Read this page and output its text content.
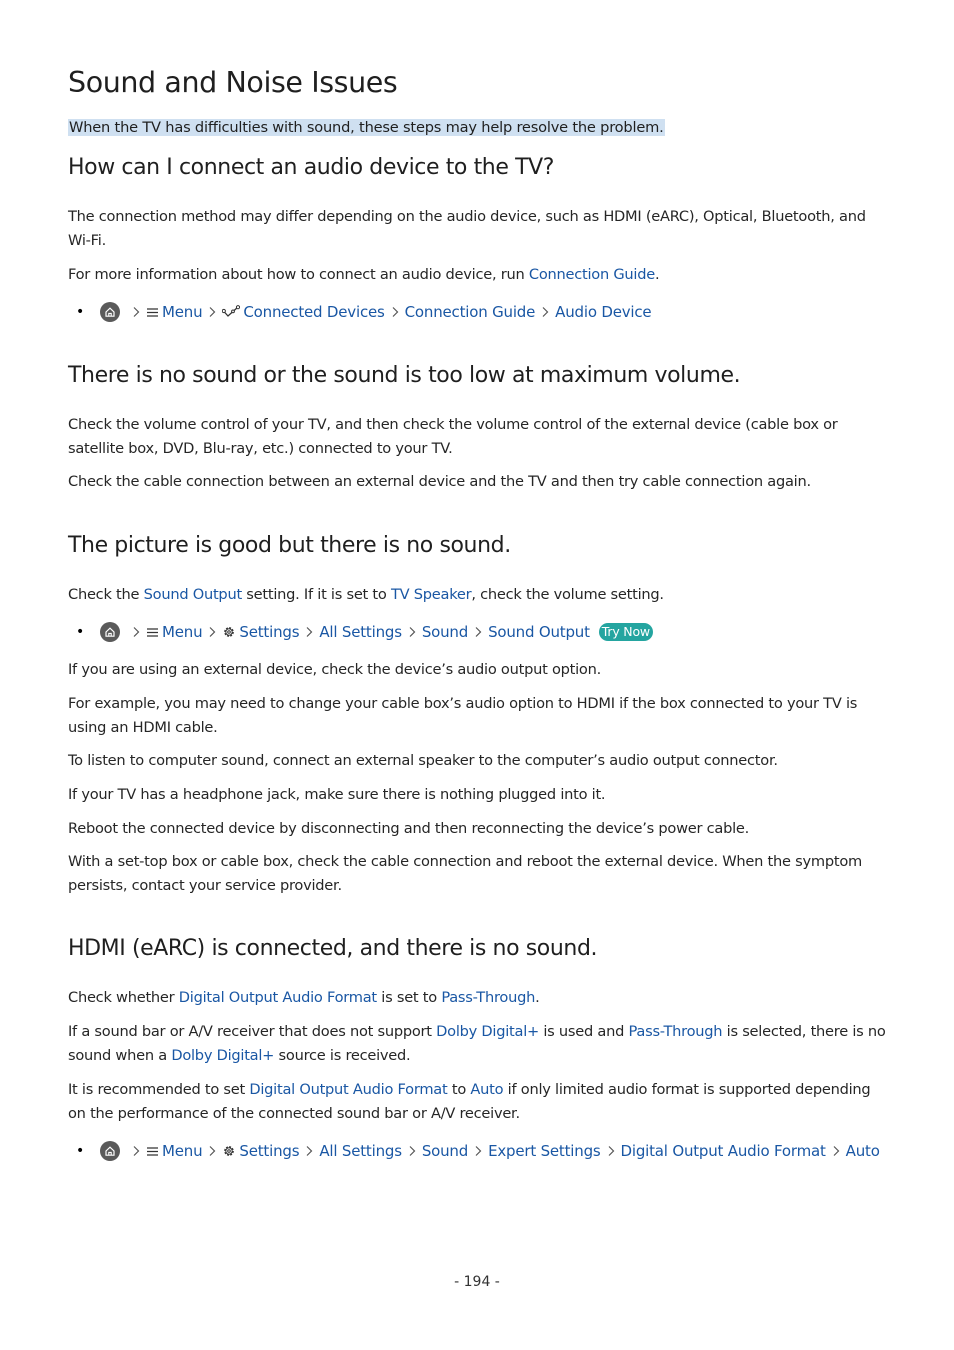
Sound and Noise Issues
When the TV has difficulties with sound, these steps may help resolve the problem.
How can I connect an audio device to the TV?

The connection method may differ depending on the audio device, such as HDMI (eARC), Optical, Bluetooth, and Wi-Fi.

For more information about how to connect an audio device, run Connection Guide.

•	Menu	Connected Devices Connection Guide Audio Device
There is no sound or the sound is too low at maximum volume.

Check the volume control of your TV, and then check the volume control of the external device (cable box or satellite box, DVD, Blu-ray, etc.) connected to your TV.

Check the cable connection between an external device and the TV and then try cable connection again.

The picture is good but there is no sound.

Check the Sound Output setting. If it is set to TV Speaker, check the volume setting.

•	Menu Settings All Settings Sound Sound Output Try Now

If you are using an external device, check the device’s audio output option.

For example, you may need to change your cable box’s audio option to HDMI if the box connected to your TV is using an HDMI cable.

To listen to computer sound, connect an external speaker to the computer’s audio output connector.

If your TV has a headphone jack, make sure there is nothing plugged into it.

Reboot the connected device by disconnecting and then reconnecting the device’s power cable.

With a set-top box or cable box, check the cable connection and reboot the external device. When the symptom persists, contact your service provider.

HDMI (eARC) is connected, and there is no sound.

Check whether Digital Output Audio Format is set to Pass-Through.

If a sound bar or A/V receiver that does not support Dolby Digital+ is used and Pass-Through is selected, there is no sound when a Dolby Digital+ source is received.

It is recommended to set Digital Output Audio Format to Auto if only limited audio format is supported depending on the performance of the connected sound bar or A/V receiver.

•	Menu Settings All Settings Sound Expert Settings Digital Output Audio Format Auto
- 194 -
